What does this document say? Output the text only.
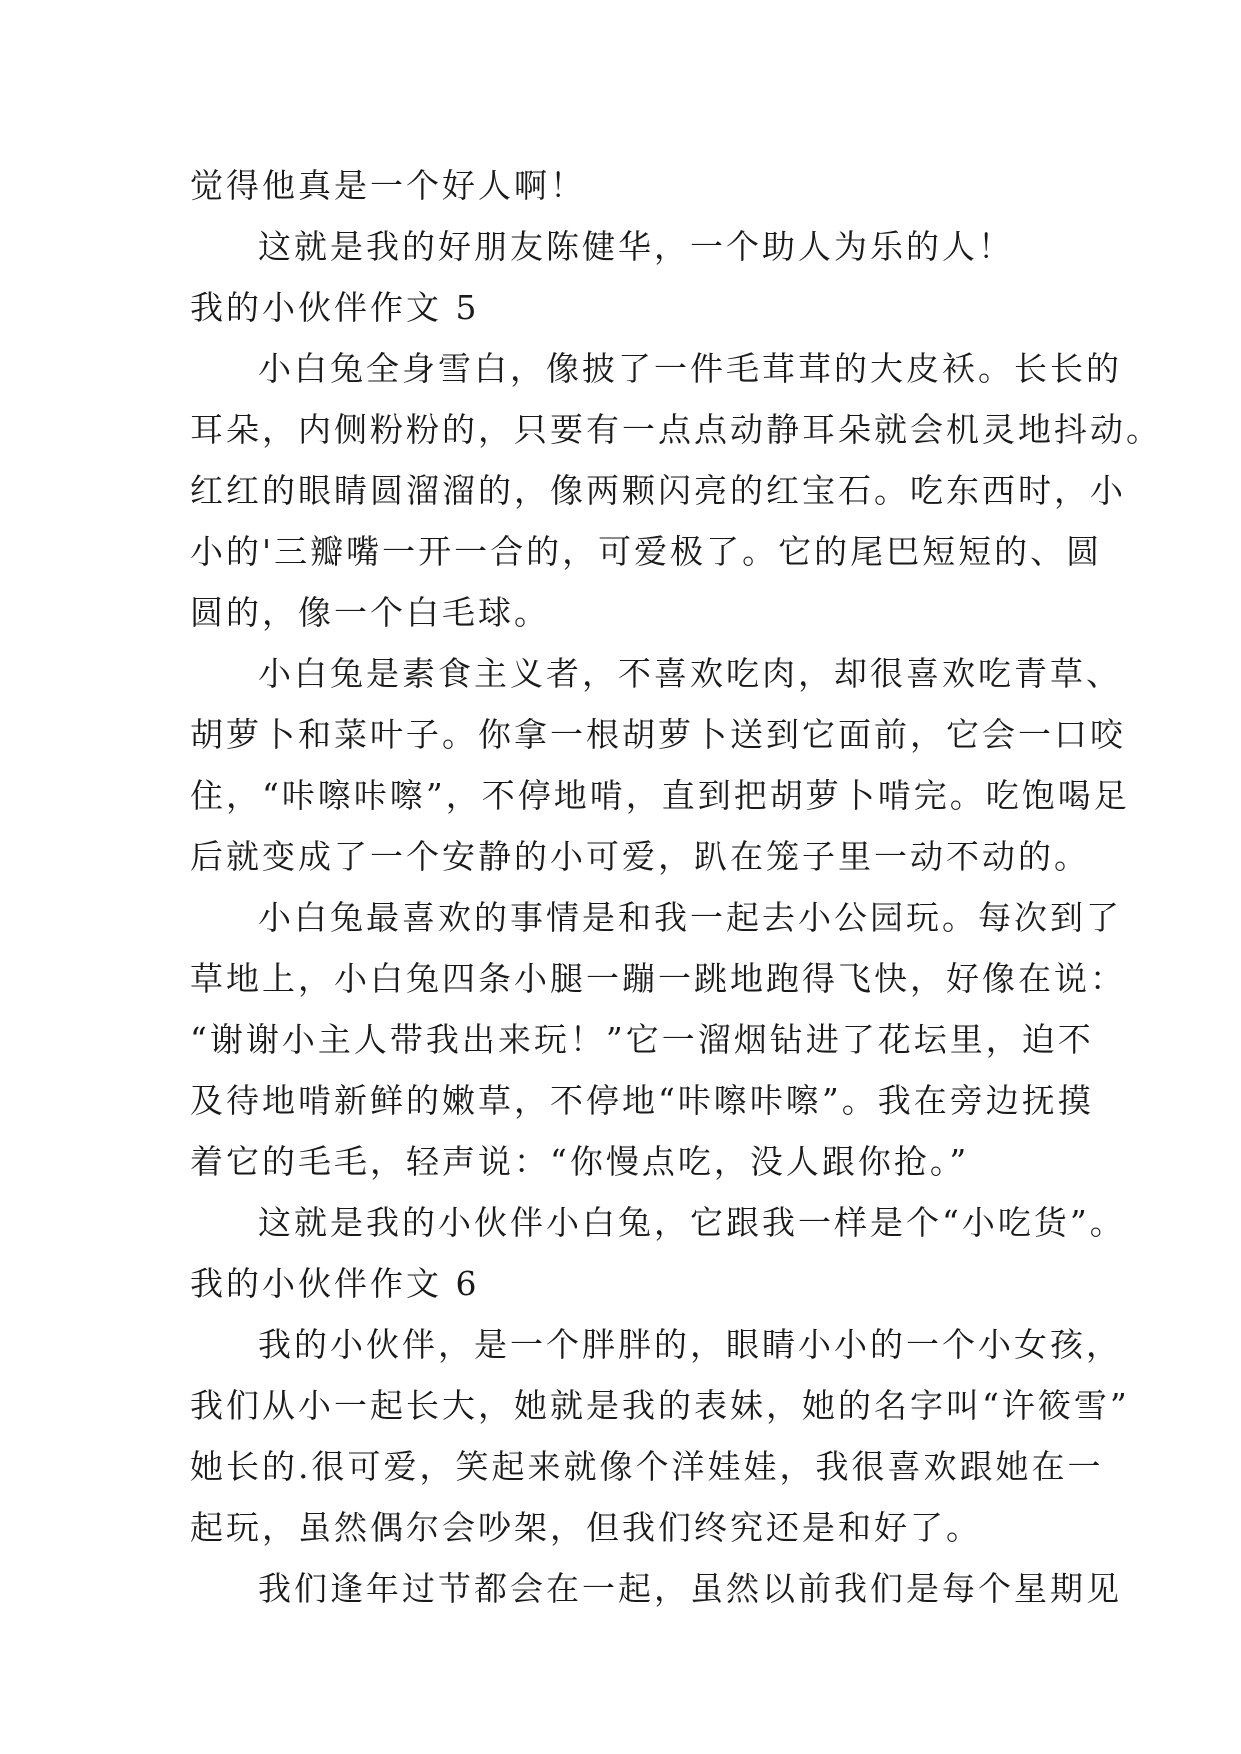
觉得他真是一个好人啊！
这就是我的好朋友陈健华，一个助人为乐的人！
我的小伙伴作文 5
小白兔全身雪白，像披了一件毛茸茸的大皮袄。长长的
耳朵，内侧粉粉的，只要有一点点动静耳朵就会机灵地抖动。
红红的眼睛圆溜溜的，像两颗闪亮的红宝石。吃东西时，小
小的'三瓣嘴一开一合的，可爱极了。它的尾巴短短的、圆
圆的，像一个白毛球。
小白兔是素食主义者，不喜欢吃肉，却很喜欢吃青草、
胡萝卜和菜叶子。你拿一根胡萝卜送到它面前，它会一口咬
住，“咔嚓咔嚓”，不停地啃，直到把胡萝卜啃完。吃饱喝足
后就变成了一个安静的小可爱，趴在笼子里一动不动的。
小白兔最喜欢的事情是和我一起去小公园玩。每次到了
草地上，小白兔四条小腿一蹦一跳地跑得飞快，好像在说：
“谢谢小主人带我出来玩！”它一溜烟钻进了花坛里，迫不
及待地啃新鲜的嫩草，不停地“咔嚓咔嚓”。我在旁边抚摸
着它的毛毛，轻声说：“你慢点吃，没人跟你抢。”
这就是我的小伙伴小白兔，它跟我一样是个“小吃货”。
我的小伙伴作文 6
我的小伙伴，是一个胖胖的，眼睛小小的一个小女孩，
我们从小一起长大，她就是我的表妹，她的名字叫“许筱雪”
她长的.很可爱，笑起来就像个洋娃娃，我很喜欢跟她在一
起玩，虽然偶尔会吵架，但我们终究还是和好了。
我们逢年过节都会在一起，虽然以前我们是每个星期见
